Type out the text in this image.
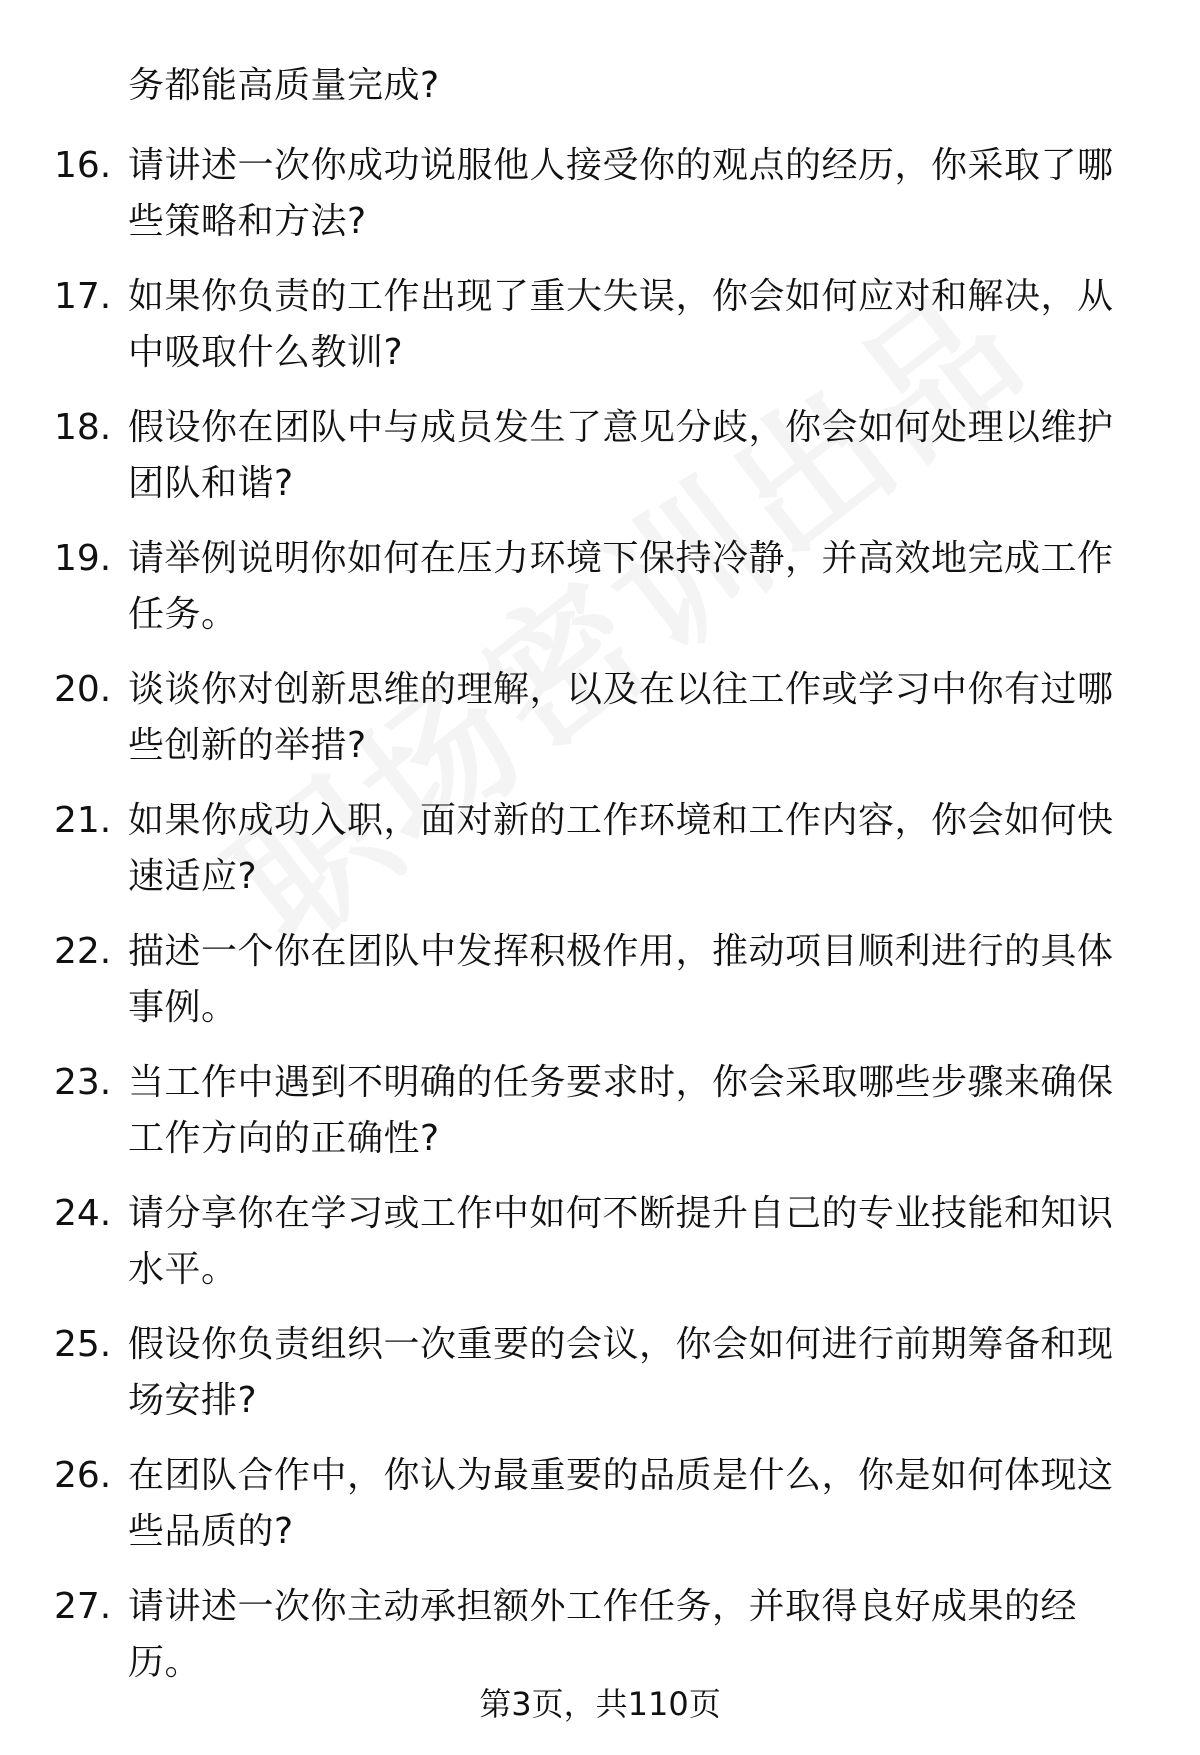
务都能高质量完成?
16. 请讲述一次你成功说服他人接受你的观点的经历，你采取了哪些策略和方法?
17. 如果你负责的工作出现了重大失误，你会如何应对和解决，从中吸取什么教训?
18. 假设你在团队中与成员发生了意见分歧，你会如何处理以维护团队和谐?
19. 请举例说明你如何在压力环境下保持冷静，并高效地完成工作任务。
20. 谈谈你对创新思维的理解，以及在以往工作或学习中你有过哪些创新的举措?
21. 如果你成功入职，面对新的工作环境和工作内容，你会如何快速适应?
22. 描述一个你在团队中发挥积极作用，推动项目顺利进行的具体事例。
23. 当工作中遇到不明确的任务要求时，你会采取哪些步骤来确保工作方向的正确性?
24. 请分享你在学习或工作中如何不断提升自己的专业技能和知识水平。
25. 假设你负责组织一次重要的会议，你会如何进行前期筹备和现场安排?
26. 在团队合作中，你认为最重要的品质是什么，你是如何体现这些品质的?
27. 请讲述一次你主动承担额外工作任务，并取得良好成果的经历。
第3页，共110页
